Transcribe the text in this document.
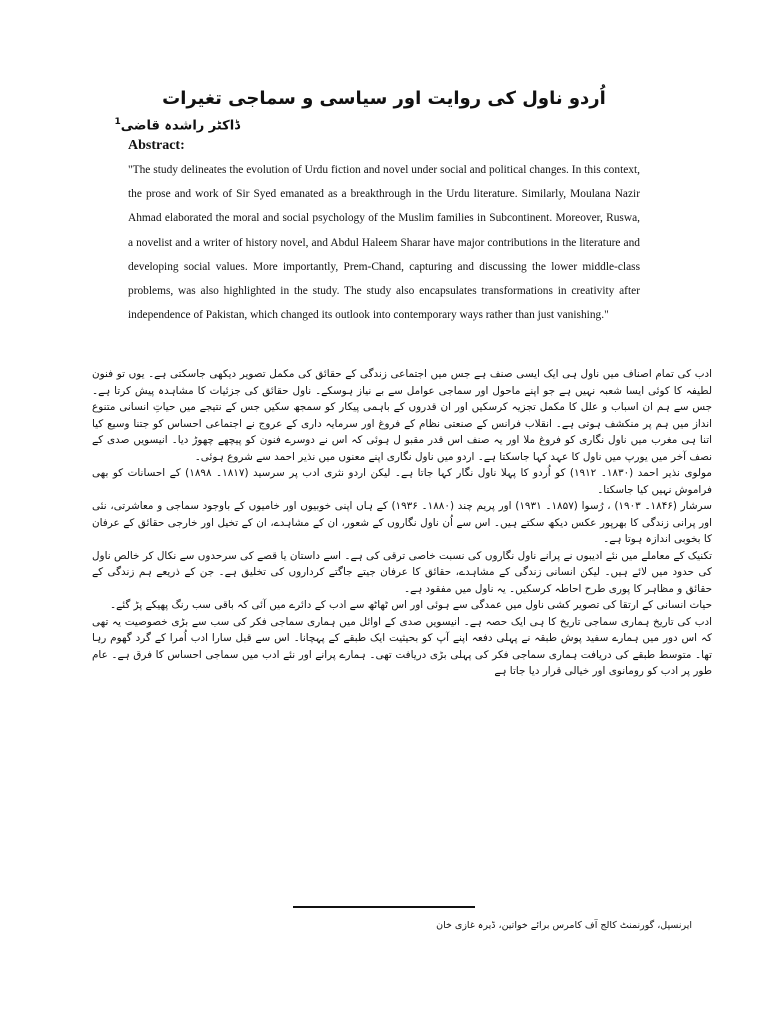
اُردو ناول کی روایت اور سیاسی و سماجی تغیرات
ڈاکٹر راشدہ قاضی$^1$
Abstract:

"The study delineates the evolution of Urdu fiction and novel under social and political changes. In this context, the prose and work of Sir Syed emanated as a breakthrough in the Urdu literature. Similarly, Moulana Nazir Ahmad elaborated the moral and social psychology of the Muslim families in Subcontinent. Moreover, Ruswa, a novelist and a writer of history novel, and Abdul Haleem Sharar have major contributions in the literature and developing social values. More importantly, Prem-Chand, capturing and discussing the lower middle-class problems, was also highlighted in the study. The study also encapsulates transformations in creativity after independence of Pakistan, which changed its outlook into contemporary ways rather than just vanishing."

ادب کی تمام اصناف میں ناول ہی ایک ایسی صنف ہے جس میں اجتماعی زندگی کے حقائق کی مکمل تصویر دیکھی جاسکتی ہے۔ یوں تو فنون لطیفہ کا کوئی ایسا شعبہ نہیں ہے جو اپنے ماحول اور سماجی عوامل سے بے نیاز ہوسکے۔ ناول حقائق کی جزئیات کا مشاہدہ پیش کرتا ہے۔ جس سے ہم ان اسباب و علل کا مکمل تجزیہ کرسکیں اور ان قدروں کے باہمی پیکار کو سمجھ سکیں جس کے نتیجے میں حیاتِ انسانی متنوع انداز میں ہم پر منکشف ہوتی ہے۔ انقلاب فرانس کے صنعتی نظام کے فروغ اور سرمایہ داری کے عروج نے اجتماعی احساس کو جتنا وسیع کیا اتنا ہی مغرب میں ناول نگاری کو فروغ ملا اور یہ صنف اس قدر مقبو ل ہوئی کہ اس نے دوسرے فنون کو پیچھے چھوڑ دیا۔ انیسویں صدی کے نصف آخر میں یورپ میں ناول کا عہد کہا جاسکتا ہے۔ اردو میں ناول نگاری اپنے معنوں میں نذیر احمد سے شروع ہوئی۔

مولوی نذیر احمد (۱۸۳۰۔ ۱۹۱۲) کو اُردو کا پہلا ناول نگار کہا جاتا ہے۔ لیکن اردو نثری ادب پر سرسید (۱۸۱۷۔ ۱۸۹۸) کے احسانات کو بھی فراموش نہیں کیا جاسکتا۔

سرشار (۱۸۴۶۔ ۱۹۰۳) ، رُسوا (۱۸۵۷۔ ۱۹۳۱) اور پریم چند (۱۸۸۰۔ ۱۹۳۶) کے ہاں اپنی خوبیوں اور خامیوں کے باوجود سماجی و معاشرتی، نئی اور پرانی زندگی کا بھرپور عکس دیکھ سکتے ہیں۔ اس سے اُن ناول نگاروں کے شعور، ان کے مشاہدے، ان کے تخیل اور خارجی حقائق کے عرفان کا بخوبی اندازہ ہوتا ہے۔

تکنیک کے معاملے میں نئے ادیبوں نے پرانے ناول نگاروں کی نسبت خاصی ترقی کی ہے۔ اسے داستان یا قصے کی سرحدوں سے نکال کر خالص ناول کی حدود میں لائے ہیں۔ لیکن انسانی زندگی کے مشاہدے، حقائق کا عرفان جیتے جاگتے کرداروں کی تخلیق ہے۔ جن کے ذریعے ہم زندگی کے حقائق و مظاہر کا پوری طرح احاطہ کرسکیں۔ یہ ناول میں مفقود ہے۔

حیات انسانی کے ارتقا کی تصویر کشی ناول میں عمدگی سے ہوئی اور اس ٹھاٹھ سے ادب کے دائرے میں آئی کہ باقی سب رنگ پھیکے پڑ گئے۔

ادب کی تاریخ ہماری سماجی تاریخ کا ہی ایک حصہ ہے۔ انیسویں صدی کے اوائل میں ہماری سماجی فکر کی سب سے بڑی خصوصیت یہ تھی کہ اس دور میں ہمارے سفید پوش طبقہ نے پہلی دفعہ اپنے آپ کو بحیثیت ایک طبقے کے پہچانا۔ اس سے قبل سارا ادب اُمرا کے گرد گھوم رہا تھا۔ متوسط طبقے کی دریافت ہماری سماجی فکر کی پہلی بڑی دریافت تھی۔ ہمارے پرانے اور نئے ادب میں سماجی احساس کا فرق ہے۔ عام طور پر ادب کو رومانوی اور خیالی قرار دیا جاتا ہے

ایرنسپل، گورنمنٹ کالج آف کامرس برائے خواتین، ڈیرہ غازی خان
